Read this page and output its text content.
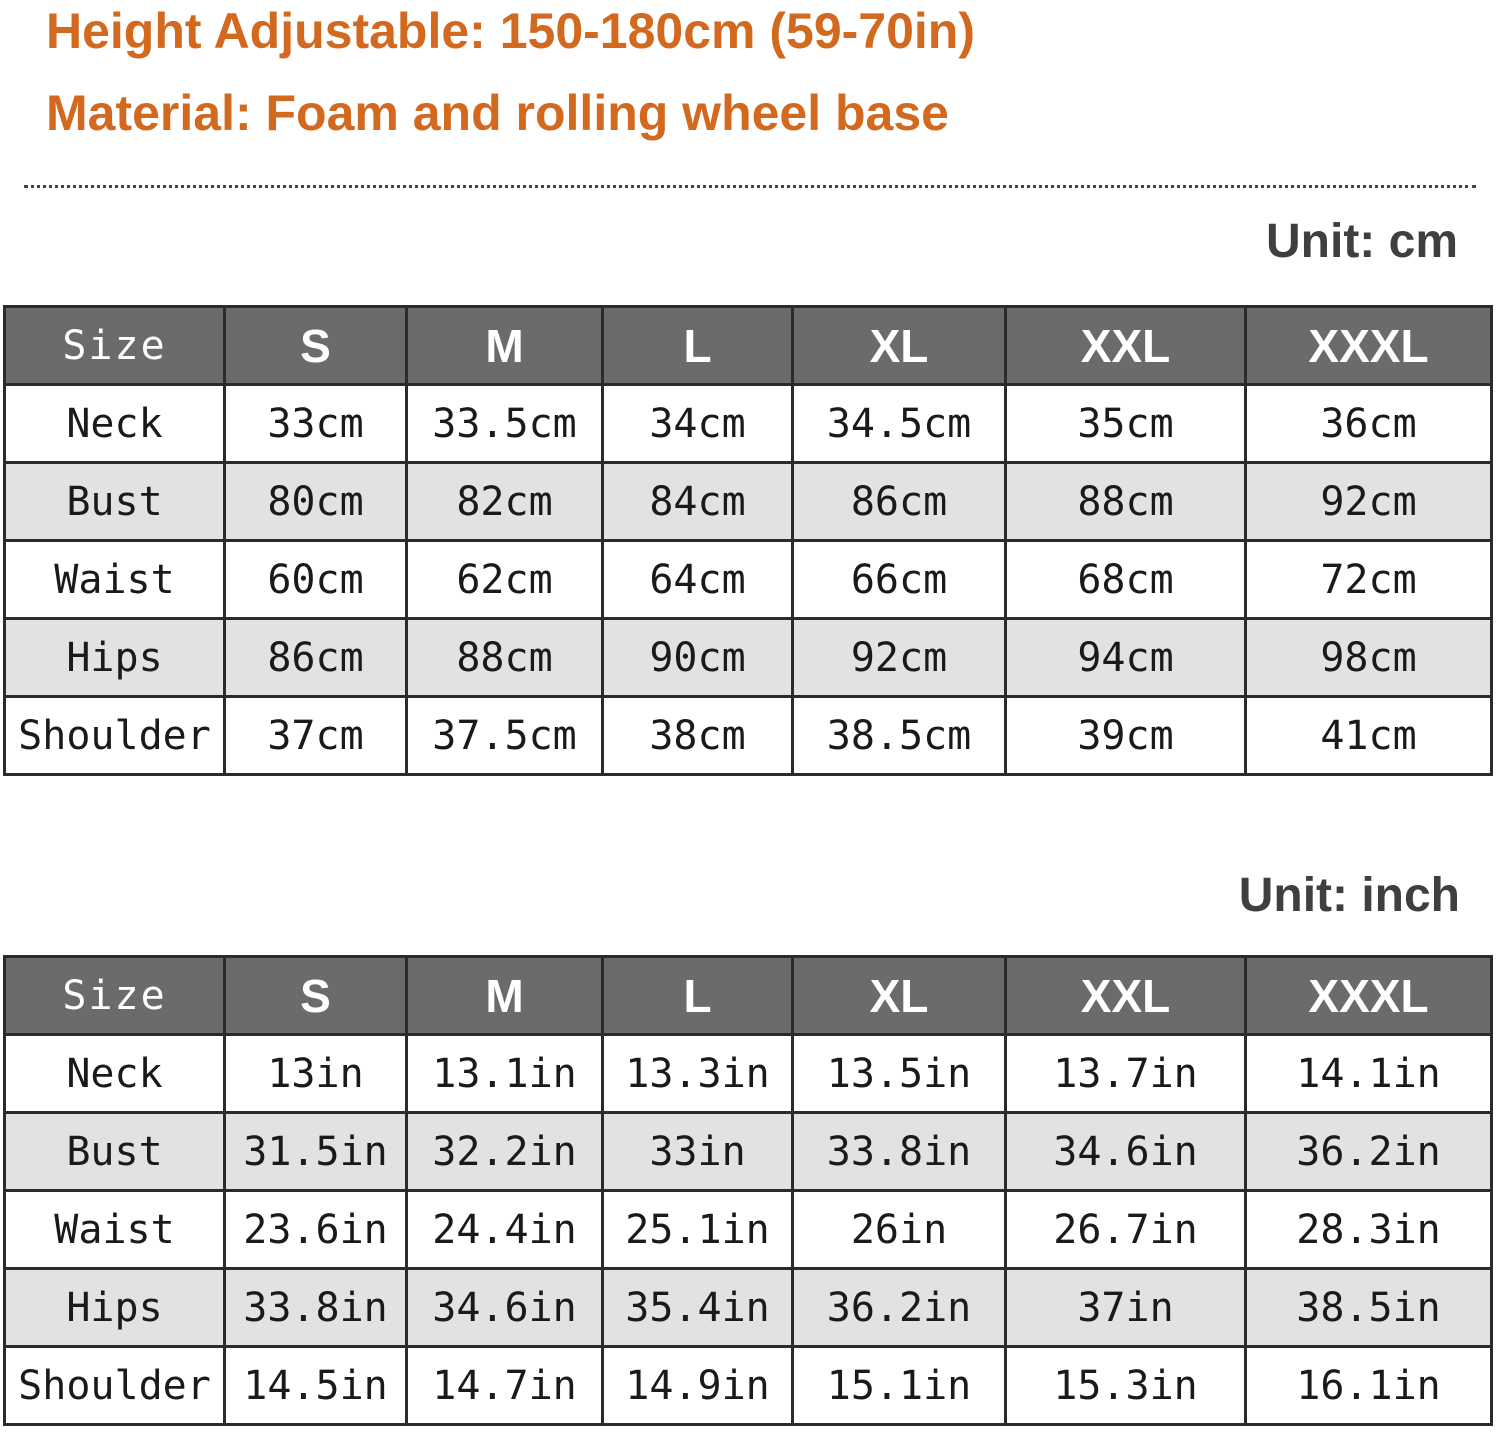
Height Adjustable: 150-180cm (59-70in)
Material: Foam and rolling wheel base
Unit: cm
Size	S	M	L	XL	XXL	XXXL
Neck	33cm	33.5cm	34cm	34.5cm	35cm	36cm
Bust	80cm	82cm	84cm	86cm	88cm	92cm
Waist	60cm	62cm	64cm	66cm	68cm	72cm
Hips	86cm	88cm	90cm	92cm	94cm	98cm
Shoulder	37cm	37.5cm	38cm	38.5cm	39cm	41cm
Unit: inch
Size	S	M	L	XL	XXL	XXXL
Neck	13in	13.1in	13.3in	13.5in	13.7in	14.1in
Bust	31.5in	32.2in	33in	33.8in	34.6in	36.2in
Waist	23.6in	24.4in	25.1in	26in	26.7in	28.3in
Hips	33.8in	34.6in	35.4in	36.2in	37in	38.5in
Shoulder	14.5in	14.7in	14.9in	15.1in	15.3in	16.1in
